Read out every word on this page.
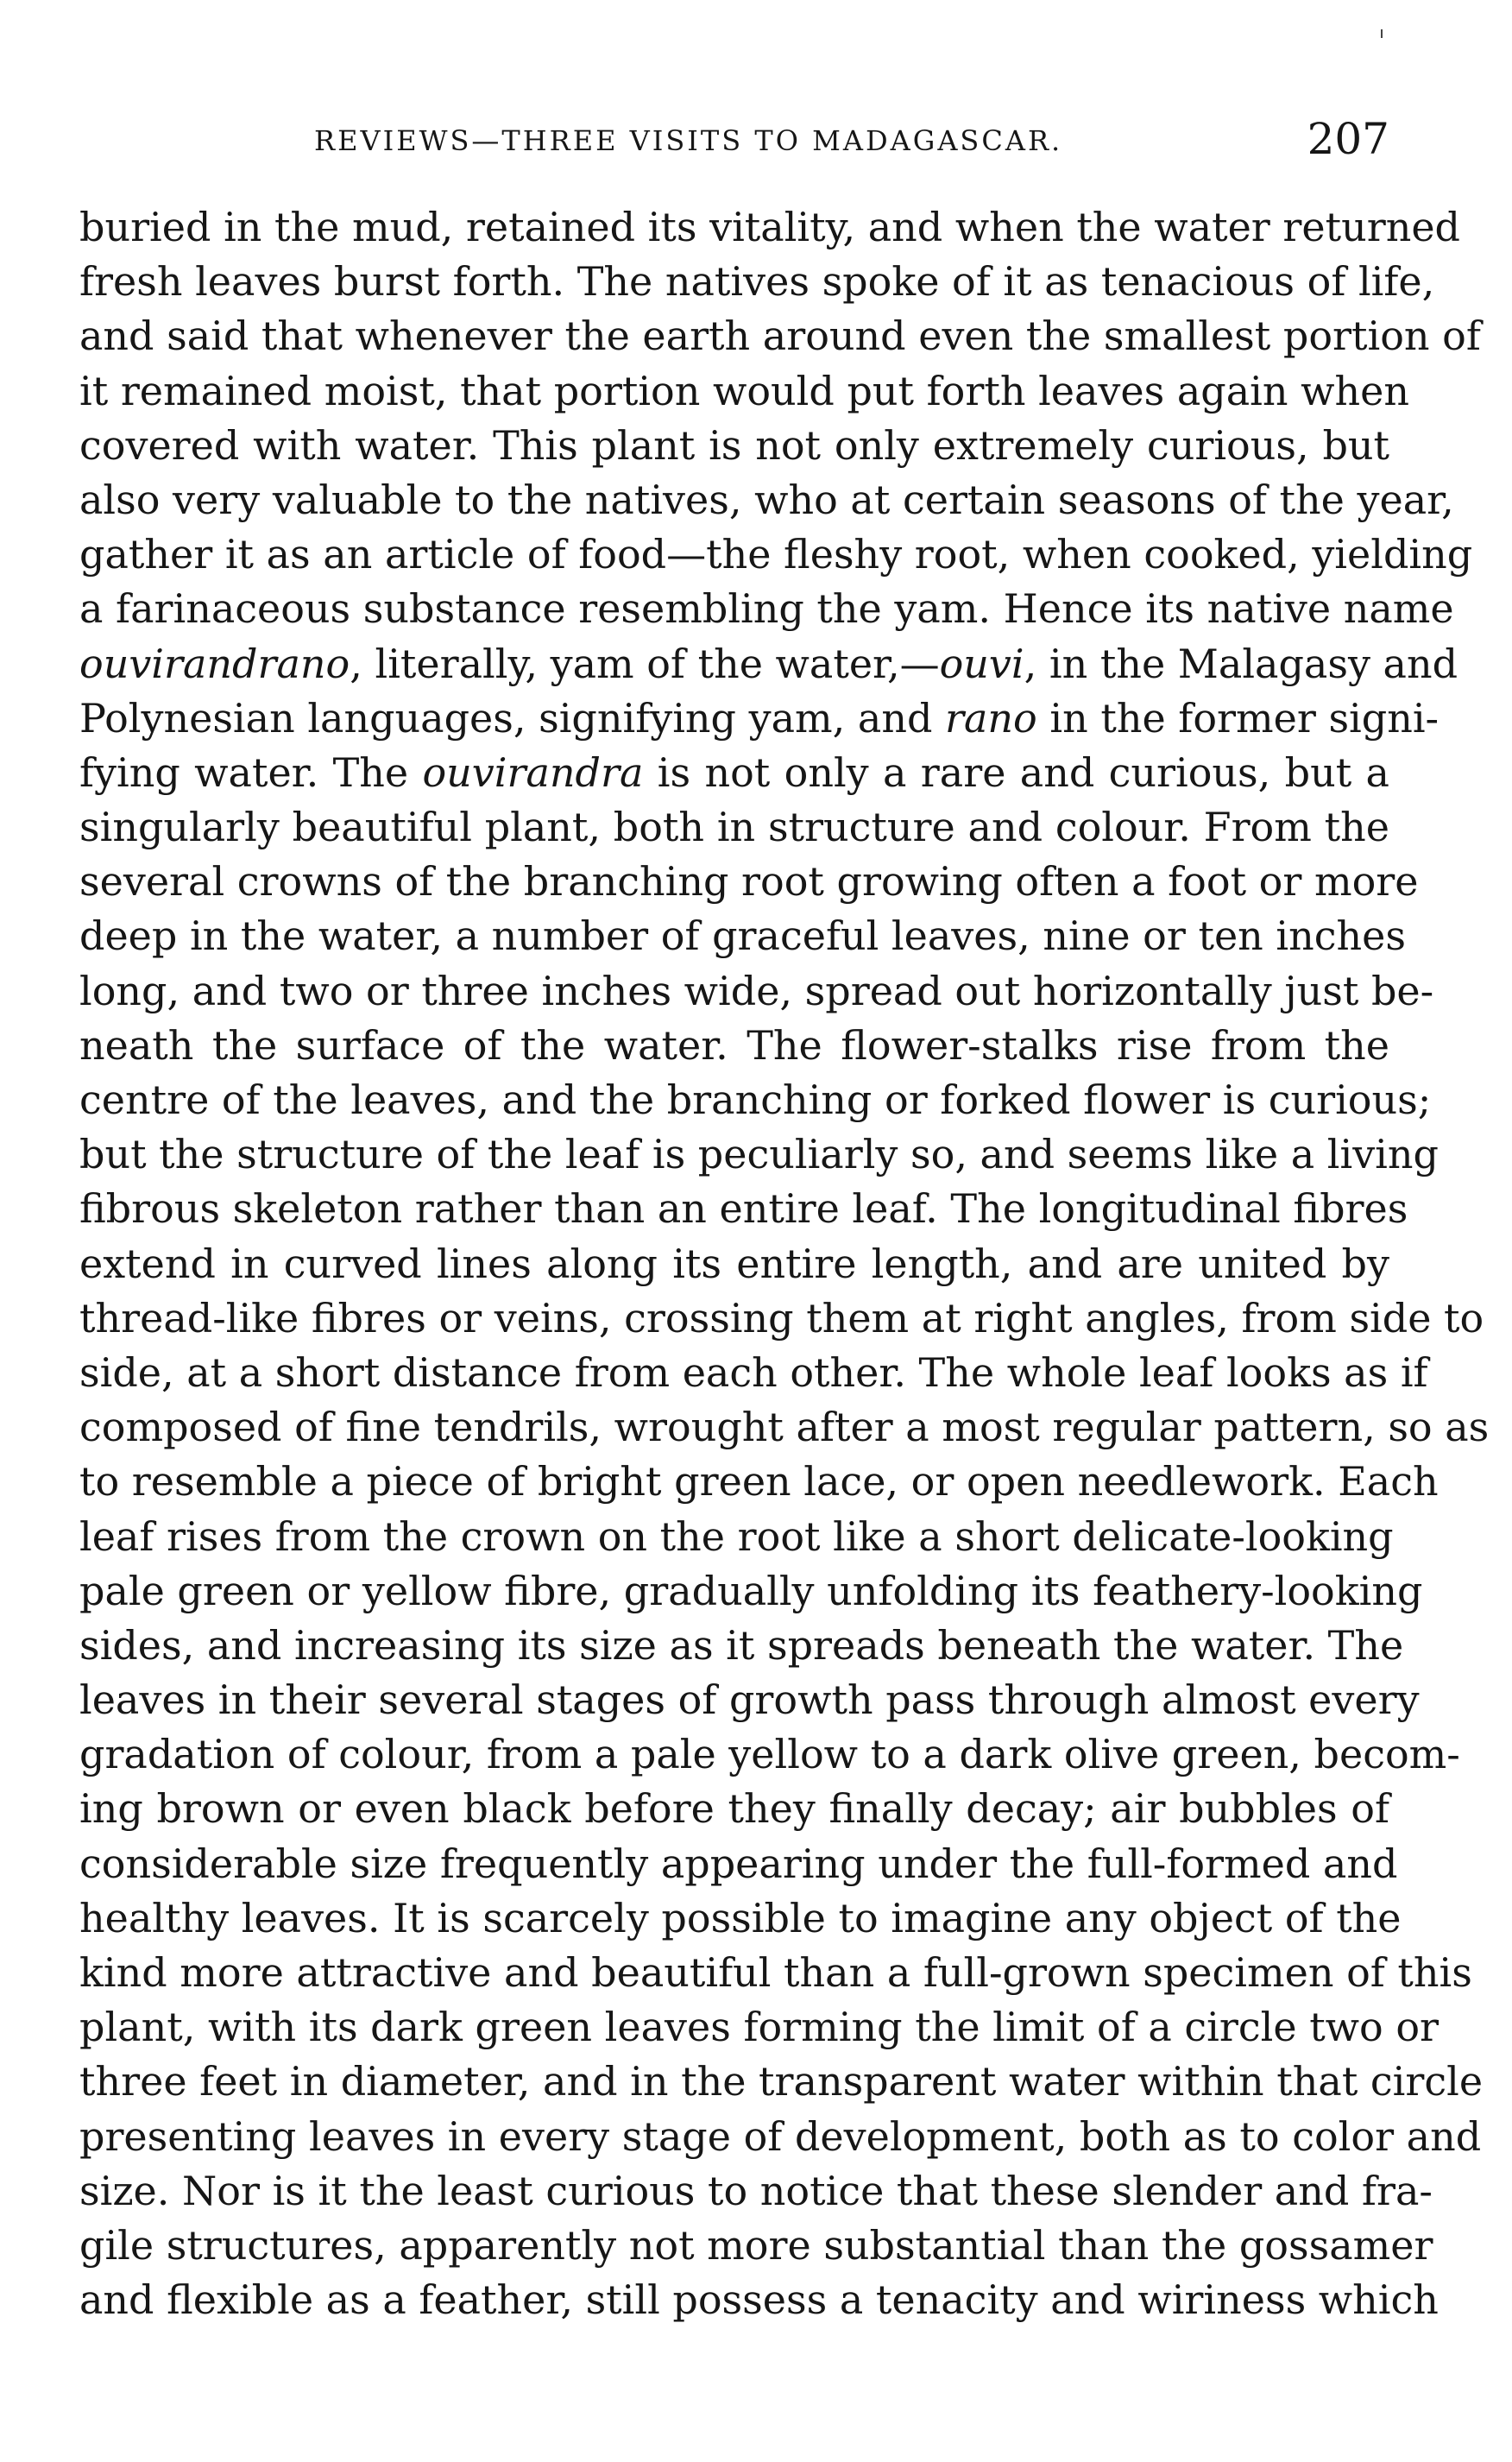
REVIEWS—THREE VISITS TO MADAGASCAR.	207
buried in the mud, retained its vitality, and when the water returned
fresh leaves burst forth. The natives spoke of it as tenacious of life,
and said that whenever the earth around even the smallest portion of
it remained moist, that portion would put forth leaves again when
covered with water. This plant is not only extremely curious, but
also very valuable to the natives, who at certain seasons of the year,
gather it as an article of food—the fleshy root, when cooked, yielding
a farinaceous substance resembling the yam. Hence its native name
ouvirandrano, literally, yam of the water,—ouvi, in the Malagasy and
Polynesian languages, signifying yam, and rano in the former signi-
fying water. The ouvirandra is not only a rare and curious, but a
singularly beautiful plant, both in structure and colour. From the
several crowns of the branching root growing often a foot or more
deep in the water, a number of graceful leaves, nine or ten inches
long, and two or three inches wide, spread out horizontally just be-
neath the surface of the water. The flower-stalks rise from the
centre of the leaves, and the branching or forked flower is curious;
but the structure of the leaf is peculiarly so, and seems like a living
fibrous skeleton rather than an entire leaf. The longitudinal fibres
extend in curved lines along its entire length, and are united by
thread-like fibres or veins, crossing them at right angles, from side to
side, at a short distance from each other. The whole leaf looks as if
composed of fine tendrils, wrought after a most regular pattern, so as
to resemble a piece of bright green lace, or open needlework. Each
leaf rises from the crown on the root like a short delicate-looking
pale green or yellow fibre, gradually unfolding its feathery-looking
sides, and increasing its size as it spreads beneath the water. The
leaves in their several stages of growth pass through almost every
gradation of colour, from a pale yellow to a dark olive green, becom-
ing brown or even black before they finally decay; air bubbles of
considerable size frequently appearing under the full-formed and
healthy leaves. It is scarcely possible to imagine any object of the
kind more attractive and beautiful than a full-grown specimen of this
plant, with its dark green leaves forming the limit of a circle two or
three feet in diameter, and in the transparent water within that circle
presenting leaves in every stage of development, both as to color and
size. Nor is it the least curious to notice that these slender and fra-
gile structures, apparently not more substantial than the gossamer
and flexible as a feather, still possess a tenacity and wiriness which
